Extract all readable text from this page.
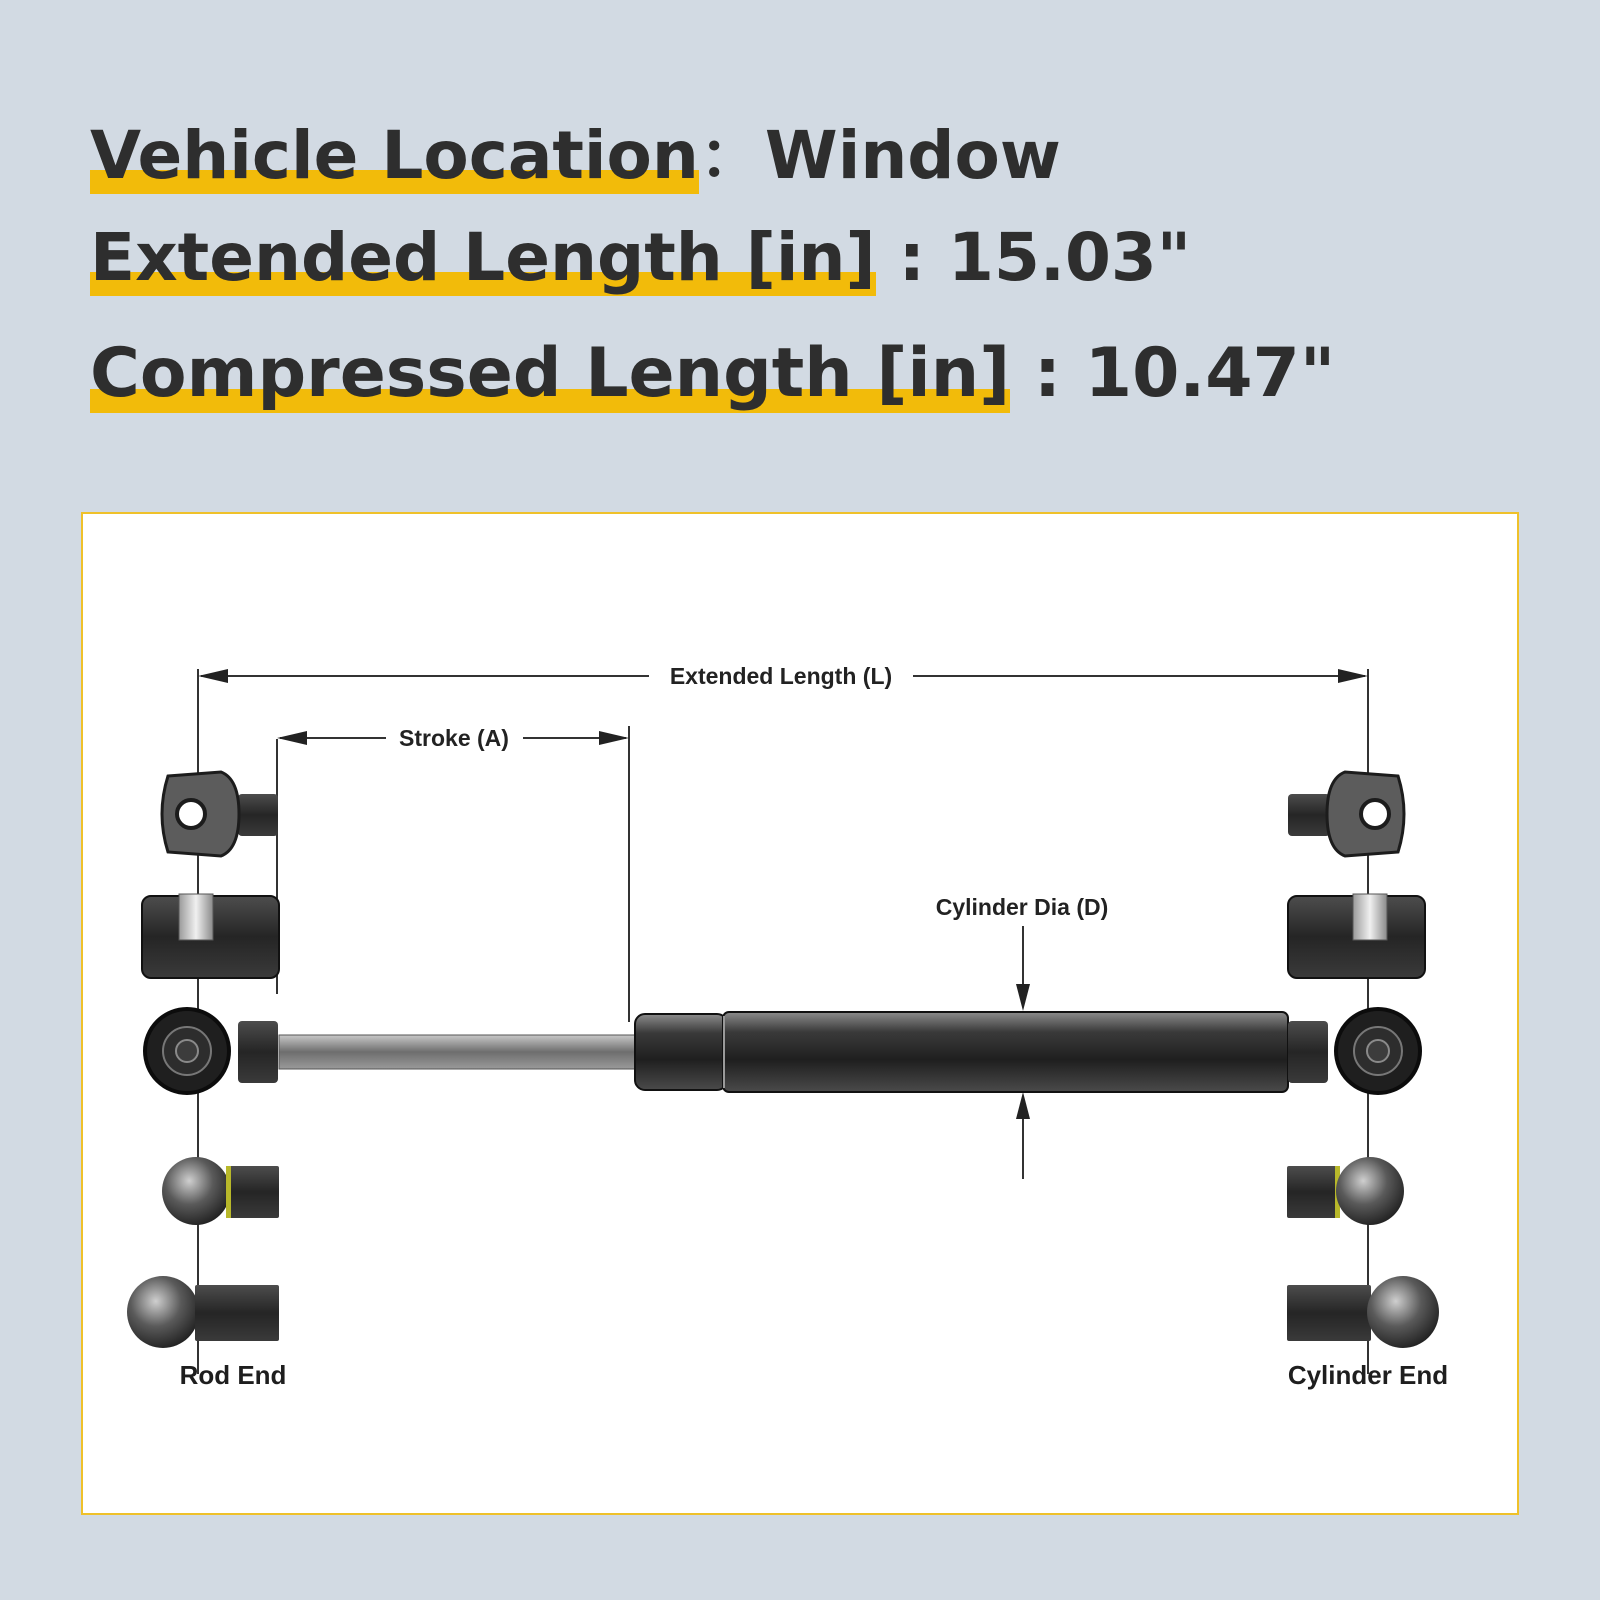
Vehicle Location：Window
Extended Length [in] : 15.03"
Compressed Length [in] : 10.47"
Extended Length (L)
Stroke (A)
Cylinder Dia (D)
Rod End	Cylinder End
